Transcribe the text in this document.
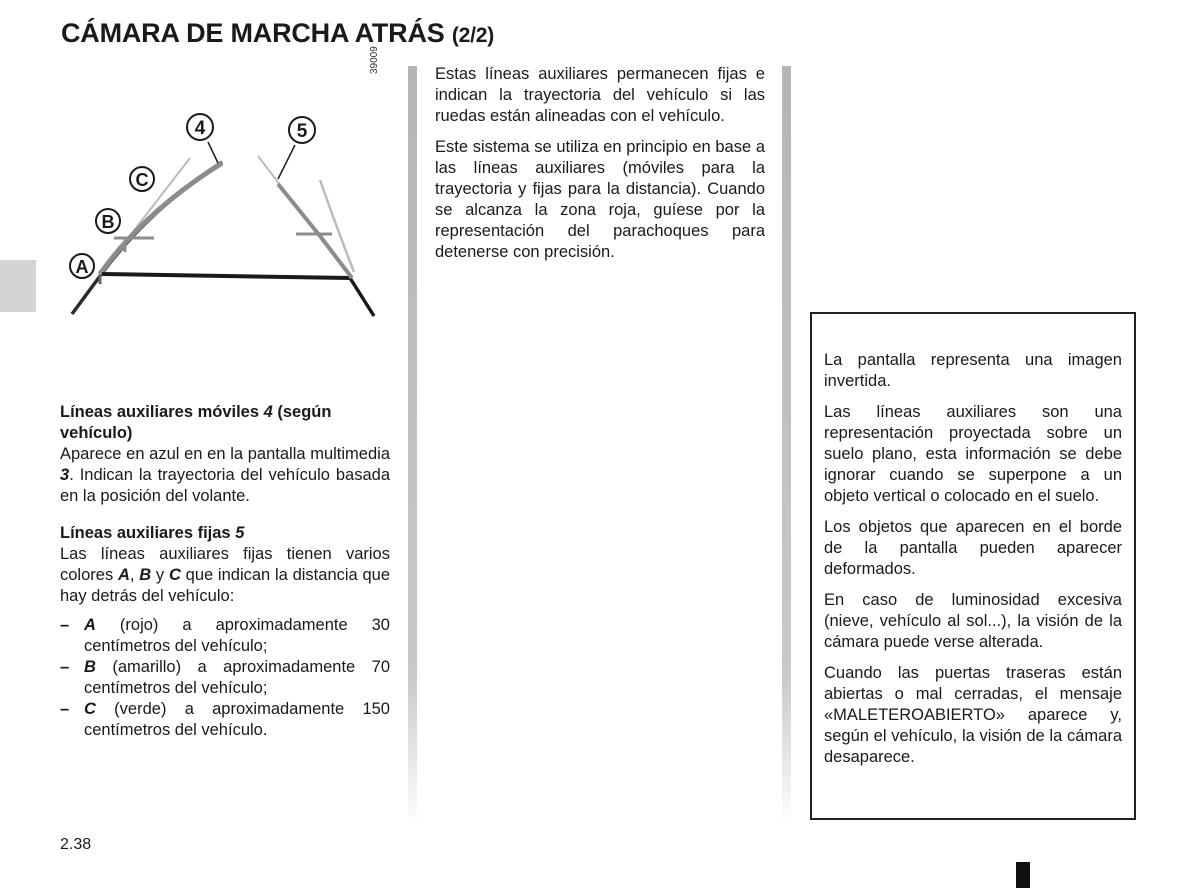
CÁMARA DE MARCHA ATRÁS (2/2)
4	5
C
B
A
39009
Líneas auxiliares móviles 4 (según vehículo)

Aparece en azul en en la pantalla multimedia 3. Indican la trayectoria del vehículo basada en la posición del volante.

Líneas auxiliares fijas 5

Las líneas auxiliares fijas tienen varios colores A, B y C que indican la distancia que hay detrás del vehículo:

– A (rojo) a aproximadamente 30 centímetros del vehículo;
– B (amarillo) a aproximadamente 70 centímetros del vehículo;
– C (verde) a aproximadamente 150 centímetros del vehículo.

Estas líneas auxiliares permanecen fijas e indican la trayectoria del vehículo si las ruedas están alineadas con el vehículo.

Este sistema se utiliza en principio en base a las líneas auxiliares (móviles para la trayectoria y fijas para la distancia). Cuando se alcanza la zona roja, guíese por la representación del parachoques para detenerse con precisión.

La pantalla representa una imagen invertida.

Las líneas auxiliares son una representación proyectada sobre un suelo plano, esta información se debe ignorar cuando se superpone a un objeto vertical o colocado en el suelo.

Los objetos que aparecen en el borde de la pantalla pueden aparecer deformados.

En caso de luminosidad excesiva (nieve, vehículo al sol...), la visión de la cámara puede verse alterada.

Cuando las puertas traseras están abiertas o mal cerradas, el mensaje «MALETEROABIERTO» aparece y, según el vehículo, la visión de la cámara desaparece.

2.38
